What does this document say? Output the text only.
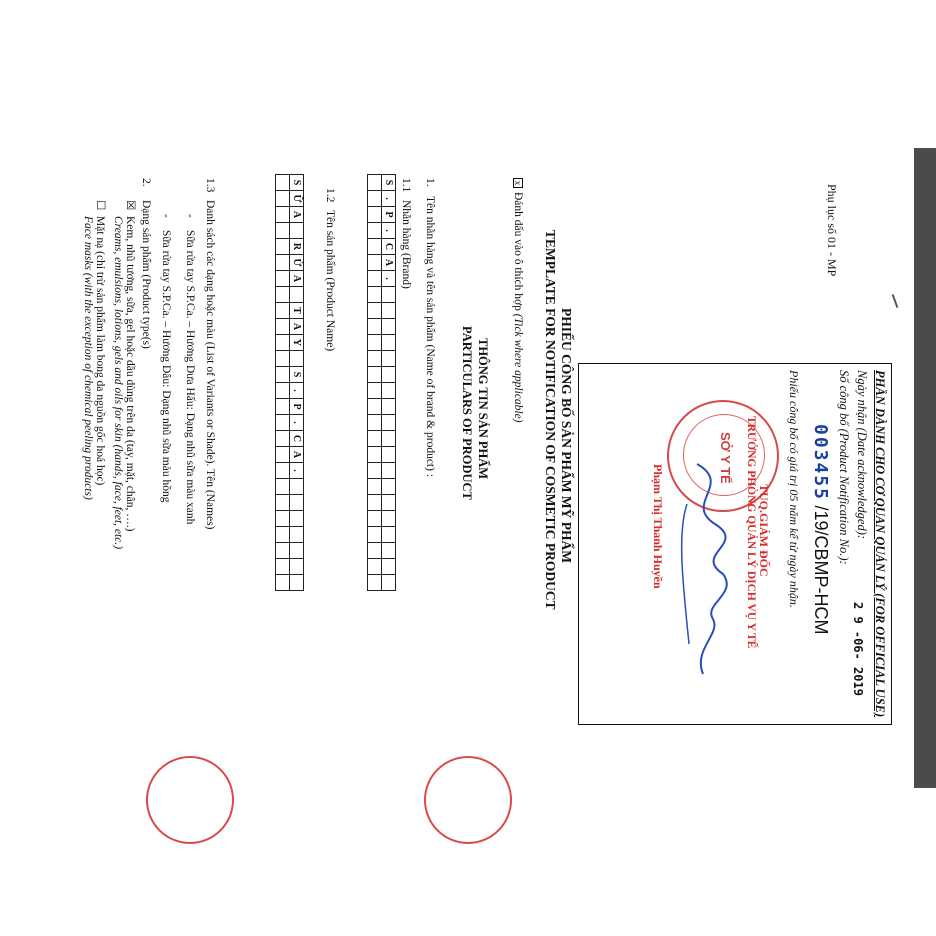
Phụ lục số 01 - MP
PHẦN DÀNH CHO CƠ QUAN QUẢN LÝ (FOR OFFICIAL USE)
Ngày nhận (Date acknowledged):
2 9 -06- 2019
Số công bố (Product Notification No.):
003455 /19/CBMP-HCM
Phiếu công bố có giá trị 05 năm kể từ ngày nhận.
SỞ Y TẾ
TUQ.GIÁM ĐỐC
TRƯỞNG PHÒNG QUẢN LÝ DỊCH VỤ Y TẾ
Phạm Thị Thanh Huyền
PHIẾU CÔNG BỐ SẢN PHẨM MỸ PHẨM
TEMPLATE FOR NOTIFICATION OF COSMETIC PRODUCT
xĐánh dấu vào ô thích hợp (Tick where applicable)
THÔNG TIN SẢN PHẨM
PARTICULARS OF PRODUCT
1.Tên nhãn hàng và tên sản phẩm (Name of brand & product) :
1.1Nhãn hàng (Brand)
S	.	P	.	C	A	.																			

1.2Tên sản phẩm (Product Name)
S	Ữ	A		R	Ử	A		T	A	Y		S	.	P	.	C	A	.							

1.3Danh sách các dạng hoặc màu (List of Variants or Shade). Tên (Names)
-Sữa rửa tay S.P.Ca. – Hương Dưa Hấu: Dạng nhũ sữa màu xanh
-Sữa rửa tay S.P.Ca. – Hương Dâu: Dạng nhũ sữa màu hồng
2.Dạng sản phẩm (Product type(s)
☒Kem, nhũ tương, sữa, gel hoặc dầu dùng trên da (tay, mặt, chân, ….)
Creams, emulsions, lotions, gels and oils for skin (hands, face, feet, etc.)
☐Mặt nạ (chỉ trừ sản phẩm làm bong da nguồn gốc hoá học)
Face masks (with the exception of chemical peeling products)
